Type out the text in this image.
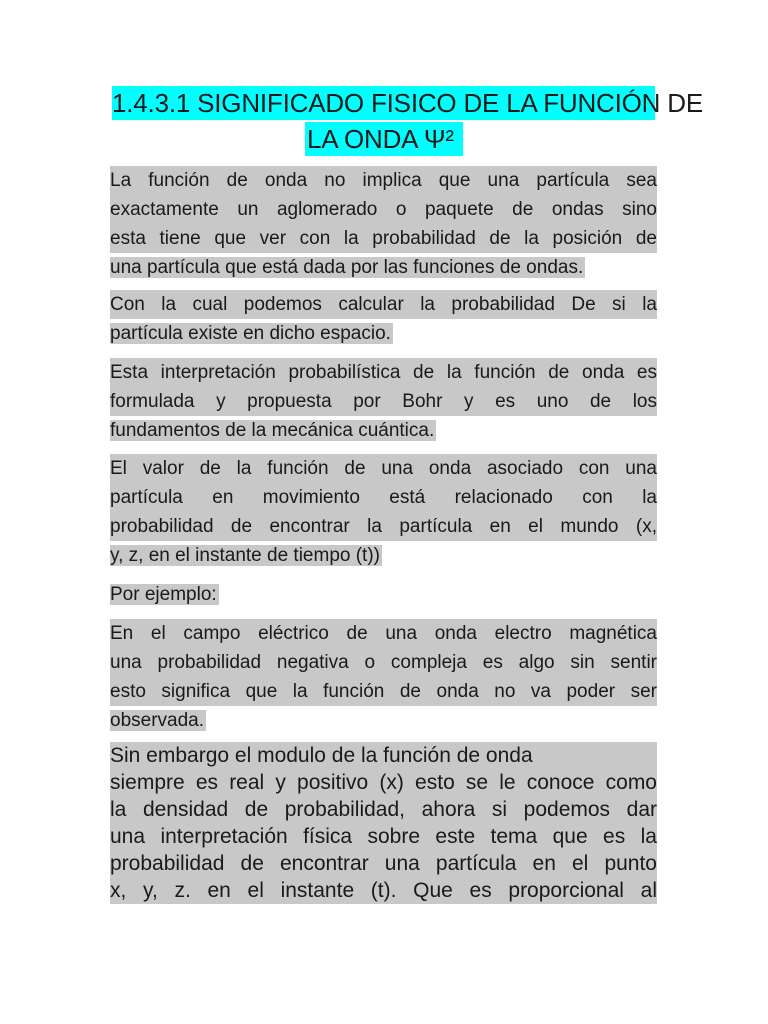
1.4.3.1 SIGNIFICADO FISICO DE LA FUNCIÓN DE
LA ONDA Ψ²
La función de onda no implica que una partícula sea
exactamente un aglomerado o paquete de ondas sino
esta tiene que ver con la probabilidad de la posición de
una partícula que está dada por las funciones de ondas.
Con la cual podemos calcular la probabilidad De si la
partícula existe en dicho espacio.
Esta interpretación probabilística de la función de onda es
formulada y propuesta por Bohr y es uno de los
fundamentos de la mecánica cuántica.
El valor de la función de una onda asociado con una
partícula en movimiento está relacionado con la
probabilidad de encontrar la partícula en el mundo (x,
y, z, en el instante de tiempo (t))
Por ejemplo:
En el campo eléctrico de una onda electro magnética
una probabilidad negativa o compleja es algo sin sentir
esto significa que la función de onda no va poder ser
observada.
Sin embargo el modulo de la función de onda
siempre es real y positivo (x) esto se le conoce como
la densidad de probabilidad, ahora si podemos dar
una interpretación física sobre este tema que es la
probabilidad de encontrar una partícula en el punto
x, y, z. en el instante (t). Que es proporcional al
